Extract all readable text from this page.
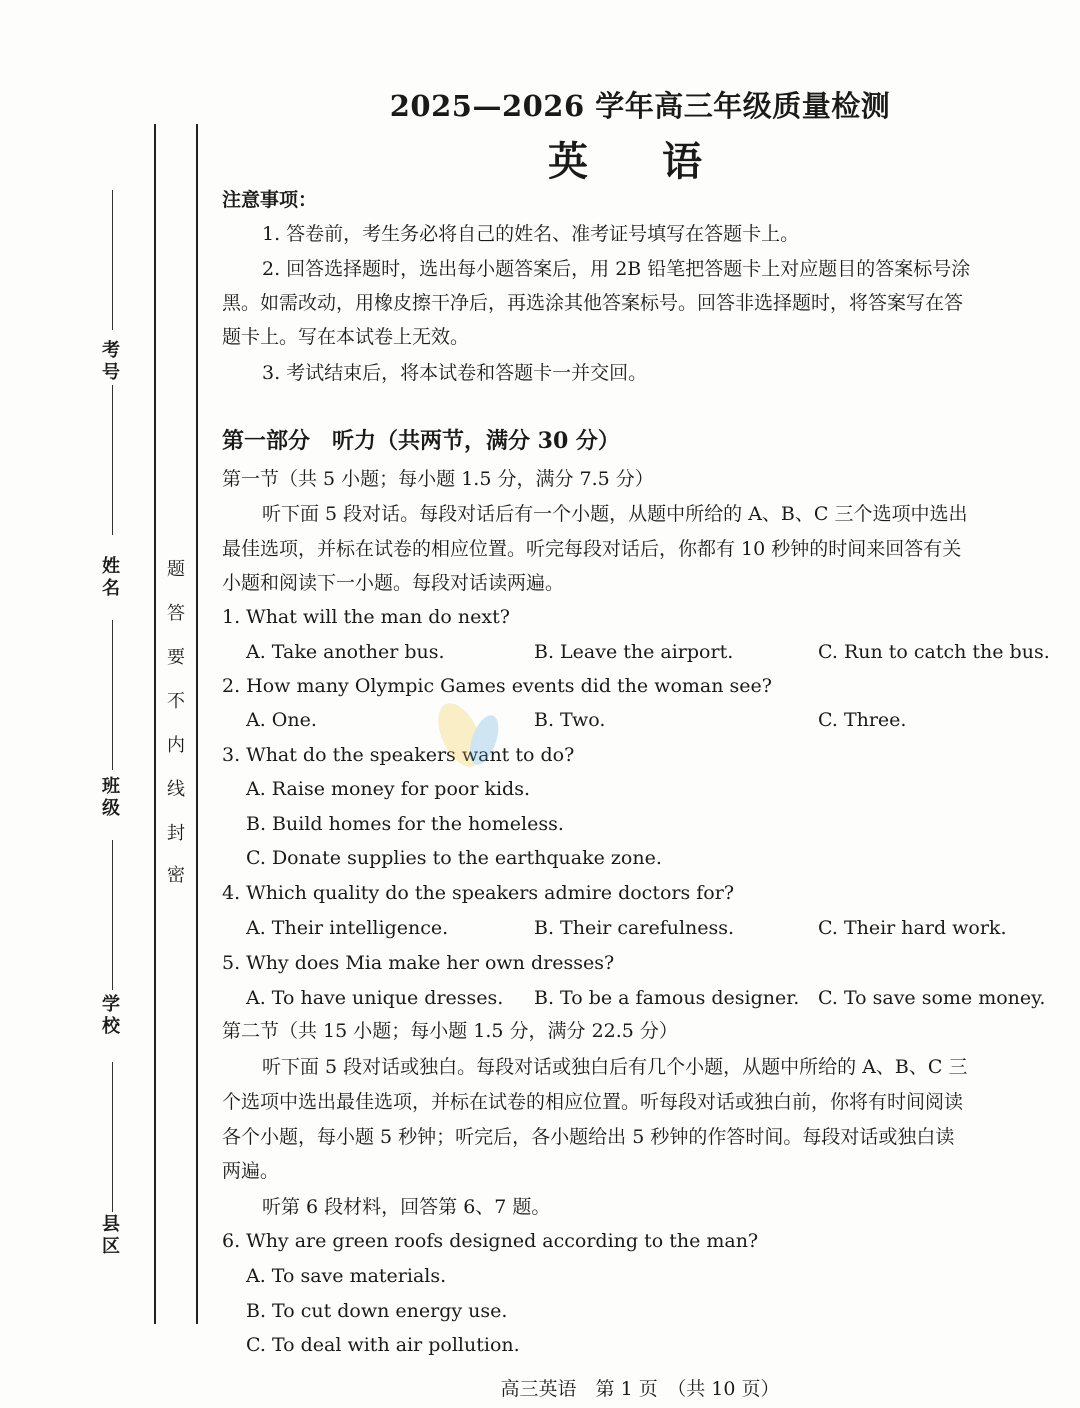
考号
姓名
班级
学校
县区
题
答
要
不
内
线
封
密
2025—2026 学年高三年级质量检测
英 语
注意事项：
1. 答卷前，考生务必将自己的姓名、准考证号填写在答题卡上。
2. 回答选择题时，选出每小题答案后，用 2B 铅笔把答题卡上对应题目的答案标号涂
黑。如需改动，用橡皮擦干净后，再选涂其他答案标号。回答非选择题时，将答案写在答
题卡上。写在本试卷上无效。
3. 考试结束后，将本试卷和答题卡一并交回。
第一部分　听力（共两节，满分 30 分）
第一节（共 5 小题；每小题 1.5 分，满分 7.5 分）
听下面 5 段对话。每段对话后有一个小题，从题中所给的 A、B、C 三个选项中选出
最佳选项，并标在试卷的相应位置。听完每段对话后，你都有 10 秒钟的时间来回答有关
小题和阅读下一小题。每段对话读两遍。
1. What will the man do next?
A. Take another bus.	B. Leave the airport.	C. Run to catch the bus.
2. How many Olympic Games events did the woman see?
A. One.	B. Two.	C. Three.
3. What do the speakers want to do?
A. Raise money for poor kids.
B. Build homes for the homeless.
C. Donate supplies to the earthquake zone.
4. Which quality do the speakers admire doctors for?
A. Their intelligence.	B. Their carefulness.	C. Their hard work.
5. Why does Mia make her own dresses?
A. To have unique dresses. B. To be a famous designer. C. To save some money.
第二节（共 15 小题；每小题 1.5 分，满分 22.5 分）
听下面 5 段对话或独白。每段对话或独白后有几个小题，从题中所给的 A、B、C 三
个选项中选出最佳选项，并标在试卷的相应位置。听每段对话或独白前，你将有时间阅读
各个小题，每小题 5 秒钟；听完后，各小题给出 5 秒钟的作答时间。每段对话或独白读
两遍。
听第 6 段材料，回答第 6、7 题。
6. Why are green roofs designed according to the man?
A. To save materials.
B. To cut down energy use.
C. To deal with air pollution.
高三英语　第 1 页　（共 10 页）
